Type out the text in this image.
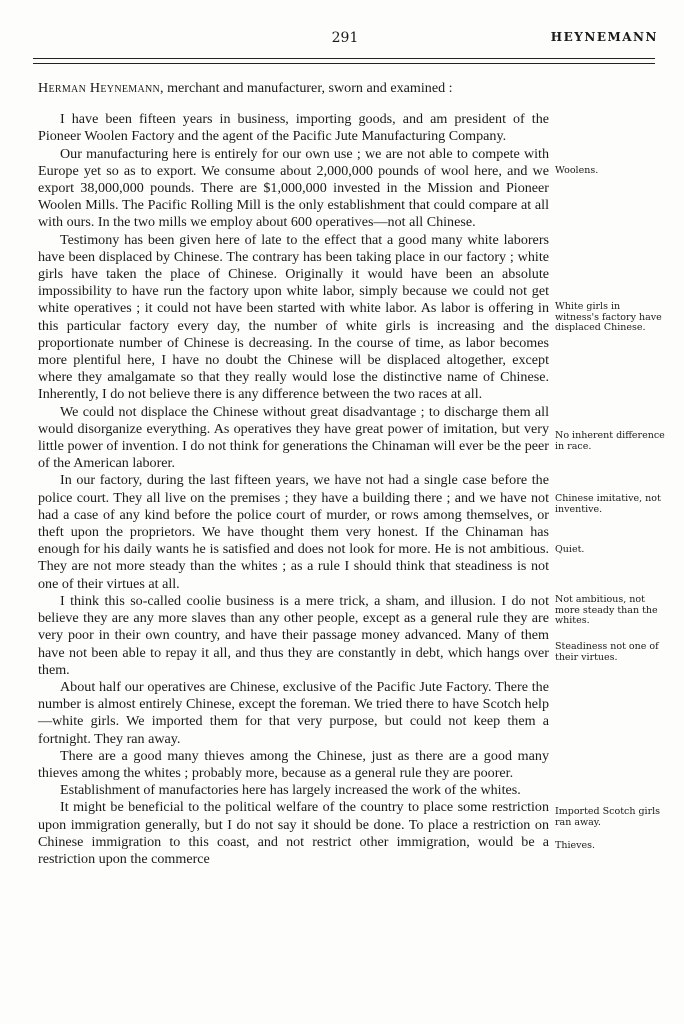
291	HEYNEMANN

Herman Heynemann, merchant and manufacturer, sworn and examined :

I have been fifteen years in business, importing goods, and am president of the Pioneer Woolen Factory and the agent of the Pacific Jute Manufacturing Company.

Our manufacturing here is entirely for our own use ; we are not able to compete with Europe yet so as to export. We consume about 2,000,000 pounds of wool here, and we export 38,000,000 pounds. There are $1,000,000 invested in the Mission and Pioneer Woolen Mills. The Pacific Rolling Mill is the only establishment that could compare at all with ours. In the two mills we employ about 600 operatives—not all Chinese.

Testimony has been given here of late to the effect that a good many white laborers have been displaced by Chinese. The contrary has been taking place in our factory ; white girls have taken the place of Chinese. Originally it would have been an absolute impossibility to have run the factory upon white labor, simply because we could not get white operatives ; it could not have been started with white labor. As labor is offering in this particular factory every day, the number of white girls is increasing and the proportionate number of Chinese is decreasing. In the course of time, as labor becomes more plentiful here, I have no doubt the Chinese will be displaced altogether, except where they amalgamate so that they really would lose the distinctive name of Chinese. Inherently, I do not believe there is any difference between the two races at all.

We could not displace the Chinese without great disadvantage ; to discharge them all would disorganize everything. As operatives they have great power of imitation, but very little power of invention. I do not think for generations the Chinaman will ever be the peer of the American laborer.

In our factory, during the last fifteen years, we have not had a single case before the police court. They all live on the premises ; they have a building there ; and we have not had a case of any kind before the police court of murder, or rows among themselves, or theft upon the proprietors. We have thought them very honest. If the Chinaman has enough for his daily wants he is satisfied and does not look for more. He is not ambitious. They are not more steady than the whites ; as a rule I should think that steadiness is not one of their virtues at all.

I think this so-called coolie business is a mere trick, a sham, and illusion. I do not believe they are any more slaves than any other people, except as a general rule they are very poor in their own country, and have their passage money advanced. Many of them have not been able to repay it all, and thus they are constantly in debt, which hangs over them.

About half our operatives are Chinese, exclusive of the Pacific Jute Factory. There the number is almost entirely Chinese, except the foreman. We tried there to have Scotch help—white girls. We imported them for that very purpose, but could not keep them a fortnight. They ran away.

There are a good many thieves among the Chinese, just as there are a good many thieves among the whites ; probably more, because as a general rule they are poorer.

Establishment of manufactories here has largely increased the work of the whites.

It might be beneficial to the political welfare of the country to place some restriction upon immigration generally, but I do not say it should be done. To place a restriction on Chinese immigration to this coast, and not restrict other immigration, would be a restriction upon the commerce

Woolens.
White girls in witness's factory have displaced Chinese.
No inherent difference in race.
Chinese imitative, not inventive.
Quiet.
Not ambitious, not more steady than the whites.
Steadiness not one of their virtues.
Imported Scotch girls ran away.
Thieves.
